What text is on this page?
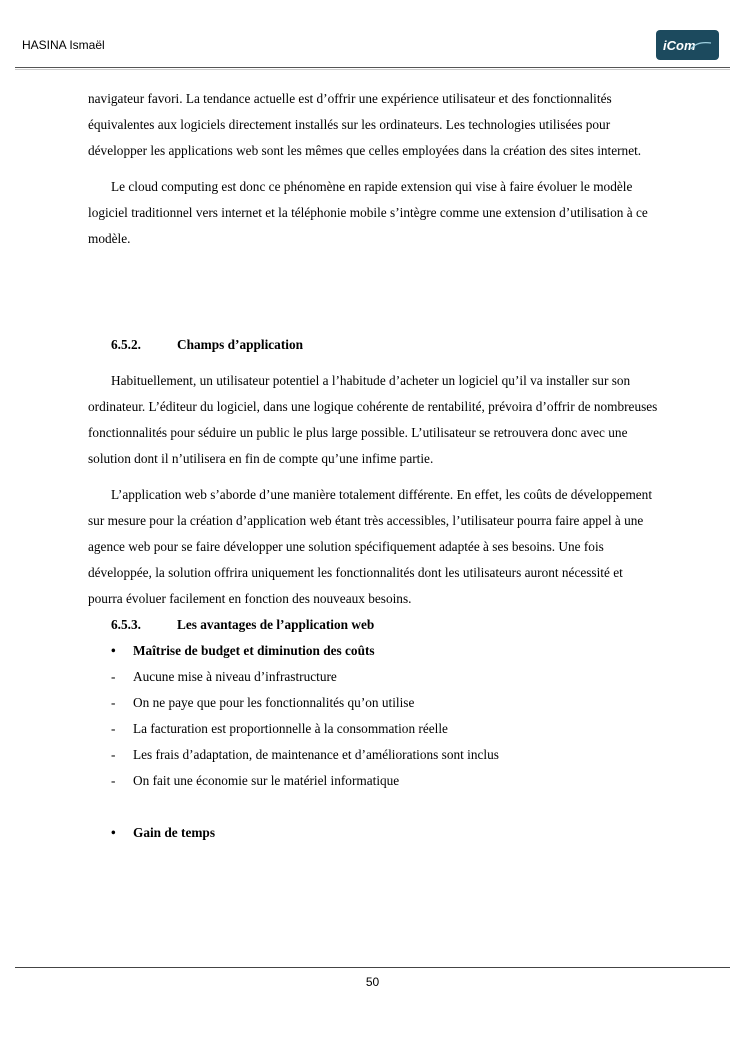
HASINA Ismaël	iCom

navigateur favori. La tendance actuelle est d’offrir une expérience utilisateur et des fonctionnalités équivalentes aux logiciels directement installés sur les ordinateurs. Les technologies utilisées pour développer les applications web sont les mêmes que celles employées dans la création des sites internet.

Le cloud computing est donc ce phénomène en rapide extension qui vise à faire évoluer le modèle logiciel traditionnel vers internet et la téléphonie mobile s’intègre comme une extension d’utilisation à ce modèle.

6.5.2.	Champs d’application

Habituellement, un utilisateur potentiel a l’habitude d’acheter un logiciel qu’il va installer sur son ordinateur. L’éditeur du logiciel, dans une logique cohérente de rentabilité, prévoira d’offrir de nombreuses fonctionnalités pour séduire un public le plus large possible. L’utilisateur se retrouvera donc avec une solution dont il n’utilisera en fin de compte qu’une infime partie.

L’application web s’aborde d’une manière totalement différente. En effet, les coûts de développement sur mesure pour la création d’application web étant très accessibles, l’utilisateur pourra faire appel à une agence web pour se faire développer une solution spécifiquement adaptée à ses besoins. Une fois développée, la solution offrira uniquement les fonctionnalités dont les utilisateurs auront nécessité et pourra évoluer facilement en fonction des nouveaux besoins.

6.5.3.	Les avantages de l’application web
•	Maîtrise de budget et diminution des coûts
-	Aucune mise à niveau d’infrastructure
-	On ne paye que pour les fonctionnalités qu’on utilise
-	La facturation est proportionnelle à la consommation réelle
-	Les frais d’adaptation, de maintenance et d’améliorations sont inclus
-	On fait une économie sur le matériel informatique
•	Gain de temps
50
